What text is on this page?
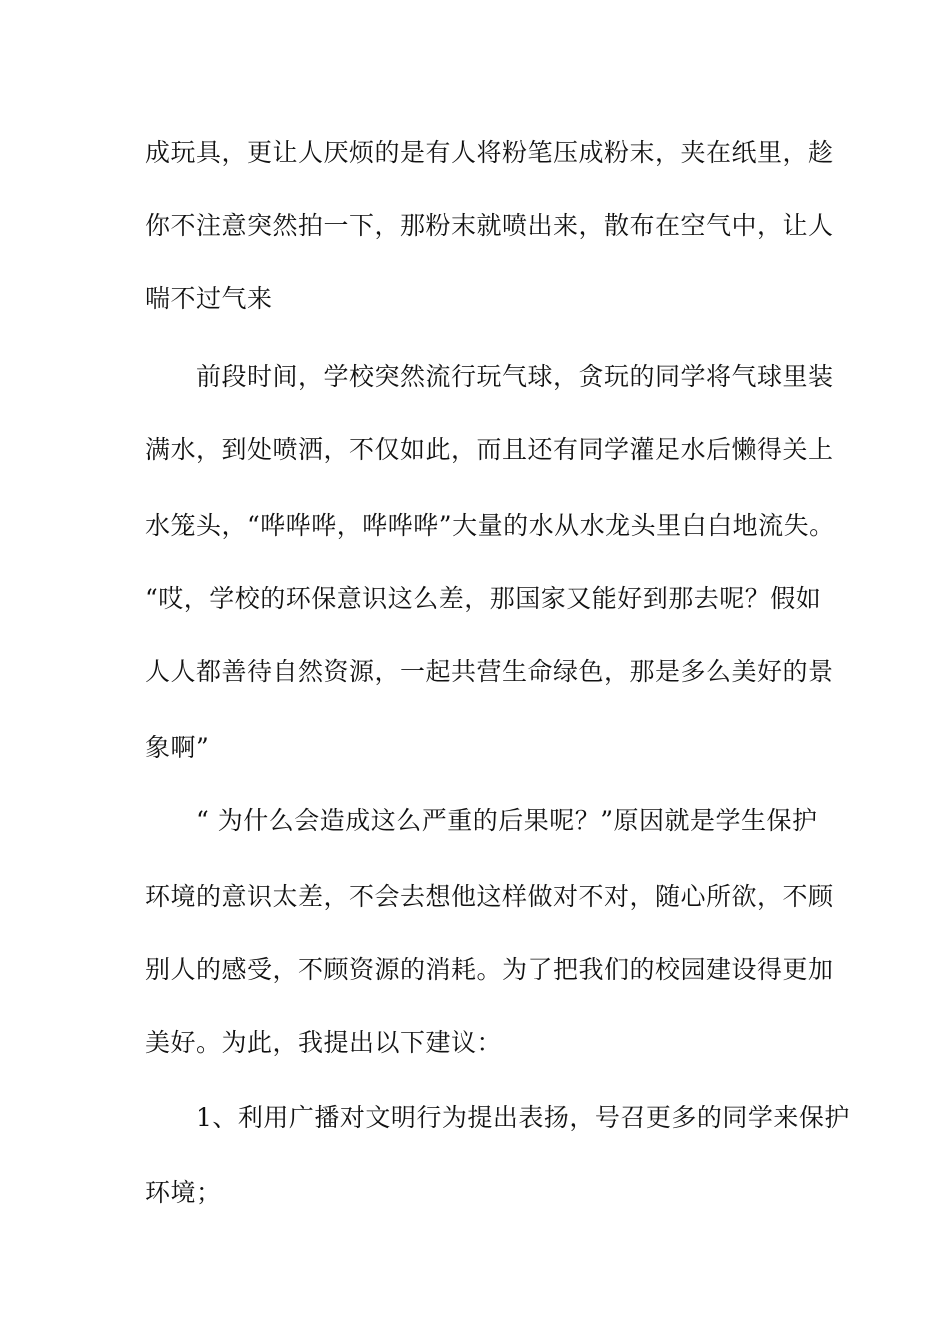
成玩具，更让人厌烦的是有人将粉笔压成粉末，夹在纸里，趁
你不注意突然拍一下，那粉末就喷出来，散布在空气中，让人
喘不过气来
　　前段时间，学校突然流行玩气球，贪玩的同学将气球里装
满水，到处喷洒，不仅如此，而且还有同学灌足水后懒得关上
水笼头，“哗哗哗，哗哗哗”大量的水从水龙头里白白地流失。
“哎，学校的环保意识这么差，那国家又能好到那去呢？假如
人人都善待自然资源，一起共营生命绿色，那是多么美好的景
象啊”
　　“ 为什么会造成这么严重的后果呢？”原因就是学生保护
环境的意识太差，不会去想他这样做对不对，随心所欲，不顾
别人的感受，不顾资源的消耗。为了把我们的校园建设得更加
美好。为此，我提出以下建议：
　　1、利用广播对文明行为提出表扬，号召更多的同学来保护
环境；
